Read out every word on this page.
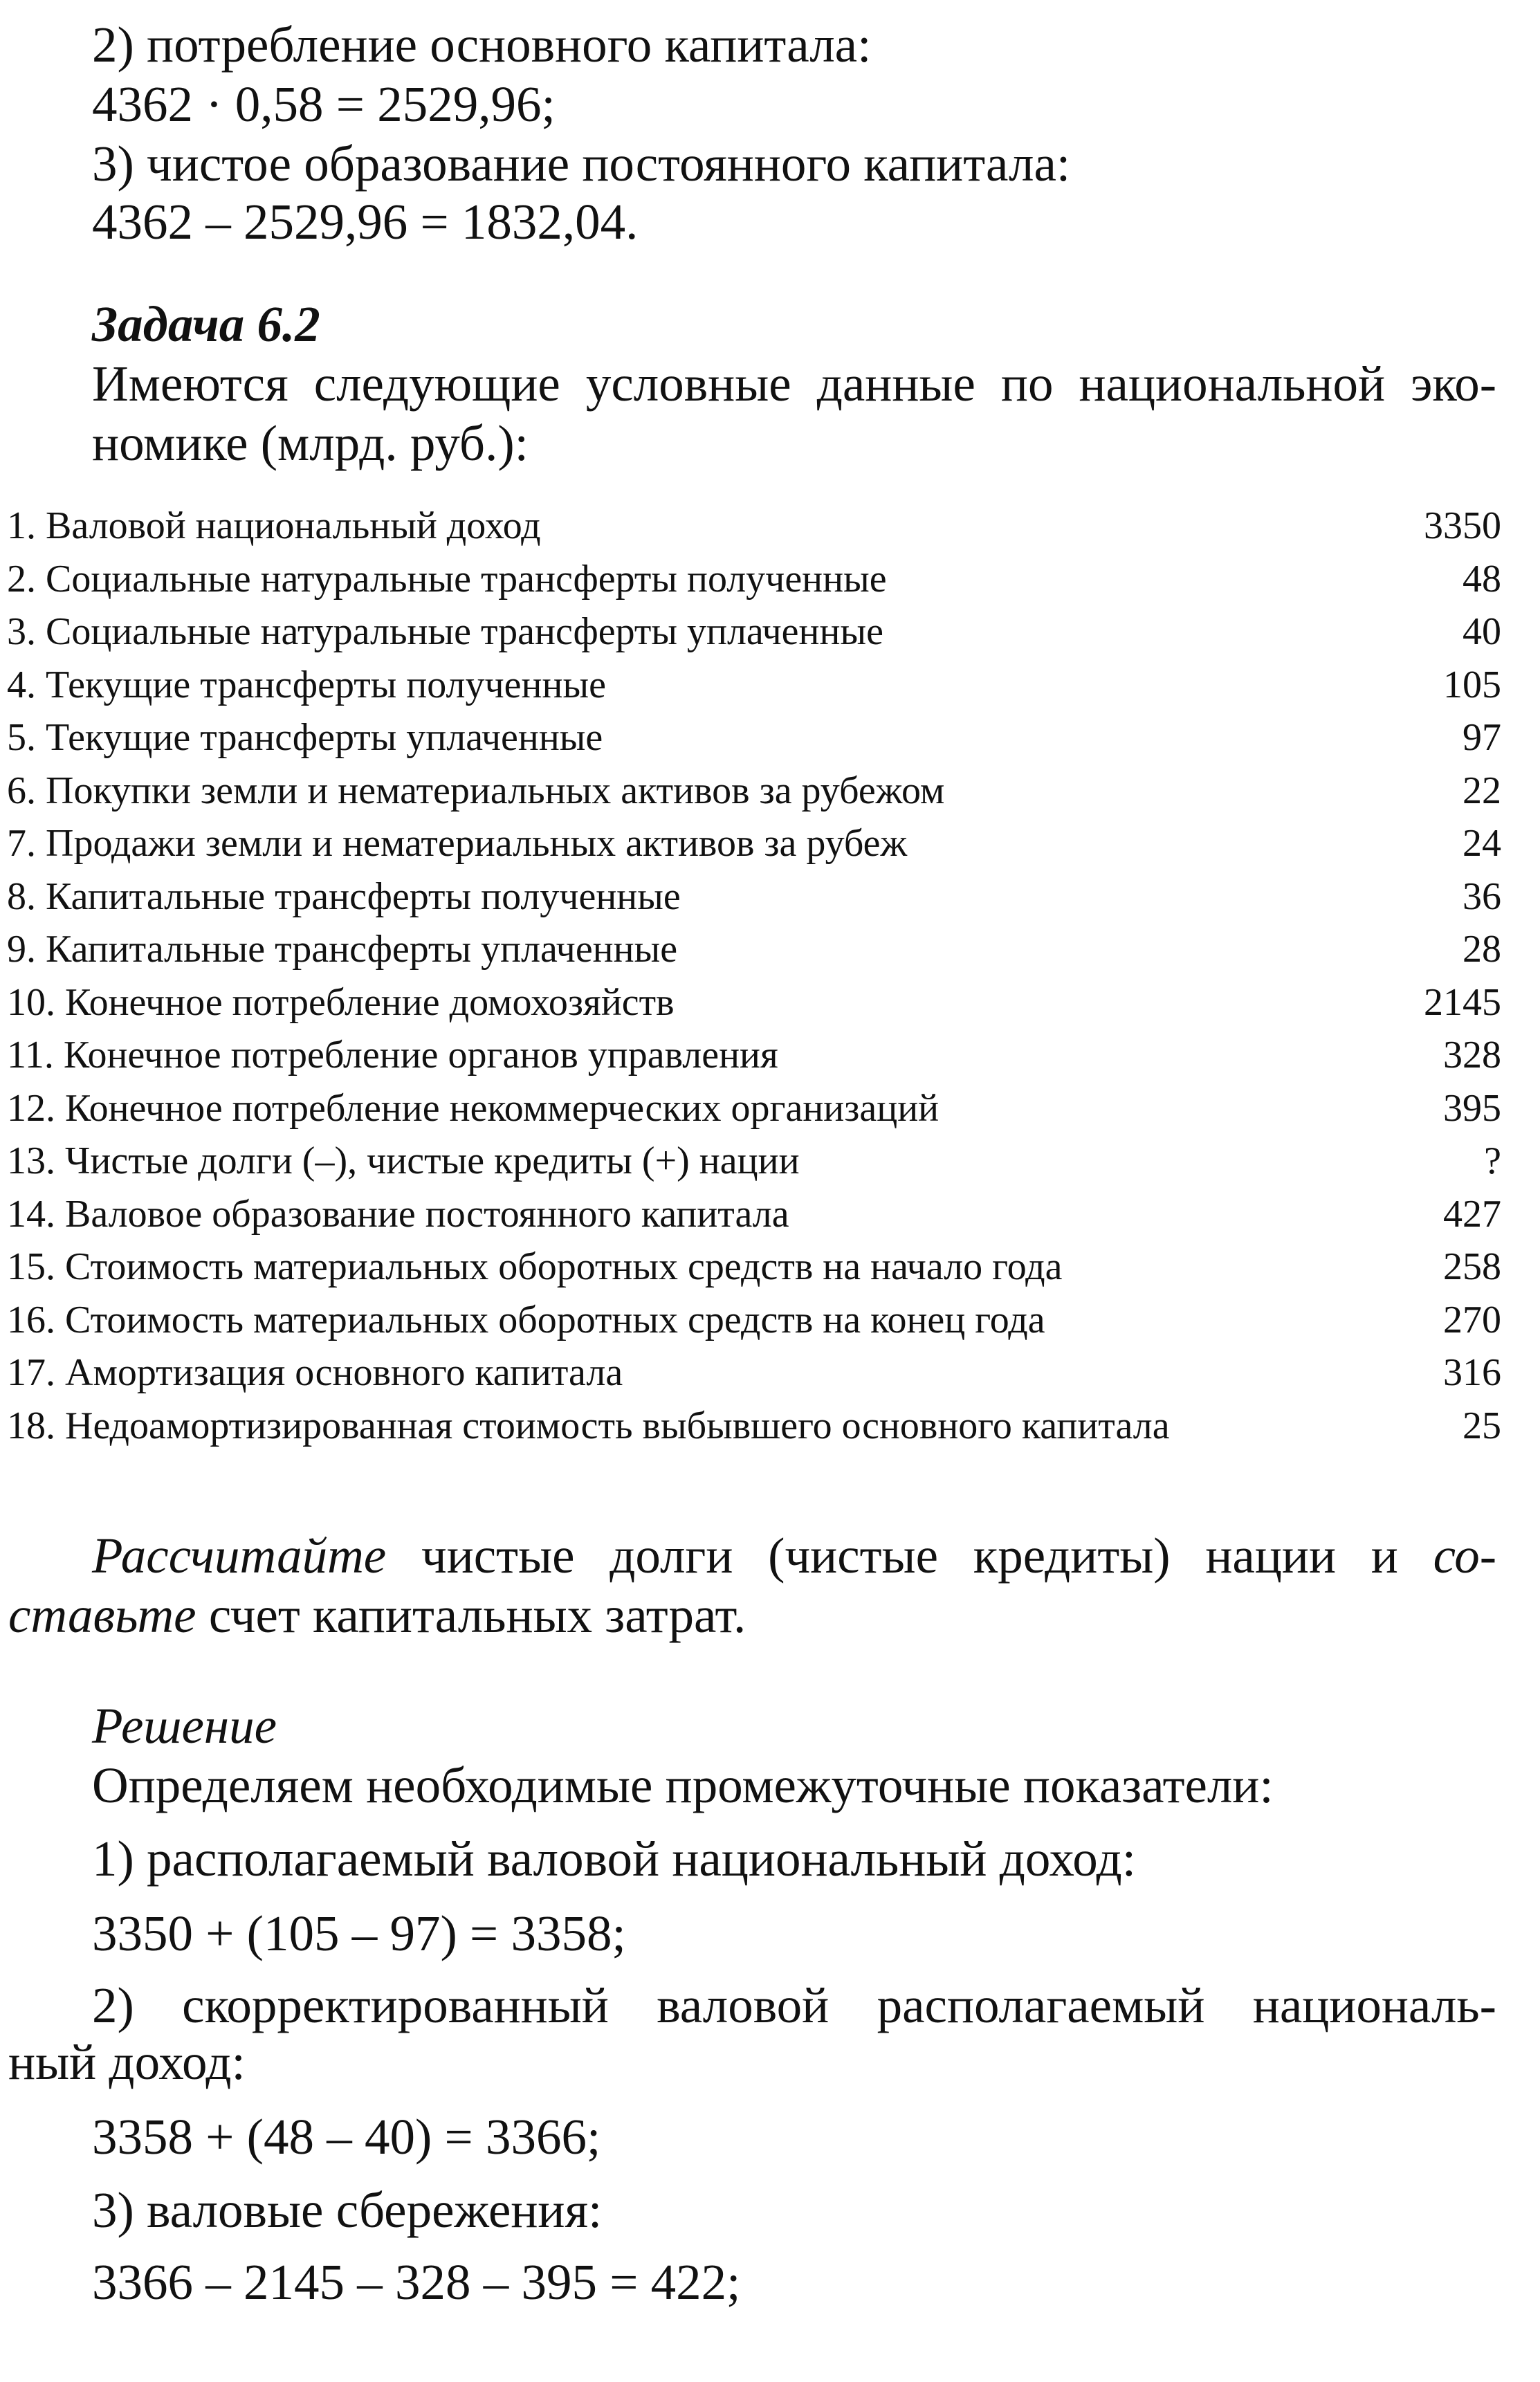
2) потребление основного капитала:
4362 · 0,58 = 2529,96;
3) чистое образование постоянного капитала:
4362 – 2529,96 = 1832,04.
Задача 6.2
Имеются следующие условные данные по национальной эко-
номике (млрд. руб.):
1. Валовой национальный доход	3350
2. Социальные натуральные трансферты полученные	48
3. Социальные натуральные трансферты уплаченные	40
4. Текущие трансферты полученные	105
5. Текущие трансферты уплаченные	97
6. Покупки земли и нематериальных активов за рубежом	22
7. Продажи земли и нематериальных активов за рубеж	24
8. Капитальные трансферты полученные	36
9. Капитальные трансферты уплаченные	28
10. Конечное потребление домохозяйств	2145
11. Конечное потребление органов управления	328
12. Конечное потребление некоммерческих организаций	395
13. Чистые долги (–), чистые кредиты (+) нации	?
14. Валовое образование постоянного капитала	427
15. Стоимость материальных оборотных средств на начало года	258
16. Стоимость материальных оборотных средств на конец года	270
17. Амортизация основного капитала	316
18. Недоамортизированная стоимость выбывшего основного капитала	25
Рассчитайте чистые долги (чистые кредиты) нации и со-
ставьте счет капитальных затрат.
Решение
Определяем необходимые промежуточные показатели:
1) располагаемый валовой национальный доход:
3350 + (105 – 97) = 3358;
2) скорректированный валовой располагаемый националь-
ный доход:
3358 + (48 – 40) = 3366;
3) валовые сбережения:
3366 – 2145 – 328 – 395 = 422;
